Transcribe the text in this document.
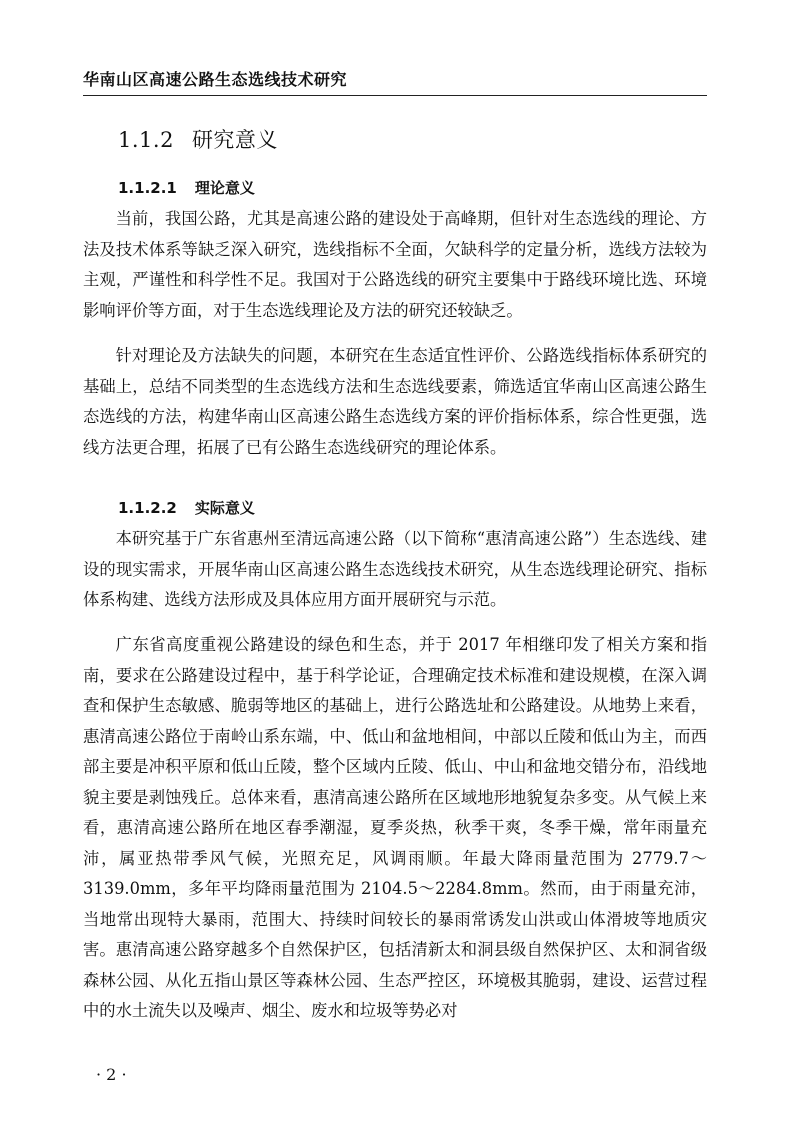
华南山区高速公路生态选线技术研究
1.1.2 研究意义
1.1.2.1 理论意义

当前，我国公路，尤其是高速公路的建设处于高峰期，但针对生态选线的理论、方法及技术体系等缺乏深入研究，选线指标不全面，欠缺科学的定量分析，选线方法较为主观，严谨性和科学性不足。我国对于公路选线的研究主要集中于路线环境比选、环境影响评价等方面，对于生态选线理论及方法的研究还较缺乏。

针对理论及方法缺失的问题，本研究在生态适宜性评价、公路选线指标体系研究的基础上，总结不同类型的生态选线方法和生态选线要素，筛选适宜华南山区高速公路生态选线的方法，构建华南山区高速公路生态选线方案的评价指标体系，综合性更强，选线方法更合理，拓展了已有公路生态选线研究的理论体系。

1.1.2.2 实际意义

本研究基于广东省惠州至清远高速公路（以下简称“惠清高速公路”）生态选线、建设的现实需求，开展华南山区高速公路生态选线技术研究，从生态选线理论研究、指标体系构建、选线方法形成及具体应用方面开展研究与示范。

广东省高度重视公路建设的绿色和生态，并于 2017 年相继印发了相关方案和指南，要求在公路建设过程中，基于科学论证，合理确定技术标准和建设规模，在深入调查和保护生态敏感、脆弱等地区的基础上，进行公路选址和公路建设。从地势上来看，惠清高速公路位于南岭山系东端，中、低山和盆地相间，中部以丘陵和低山为主，而西部主要是冲积平原和低山丘陵，整个区域内丘陵、低山、中山和盆地交错分布，沿线地貌主要是剥蚀残丘。总体来看，惠清高速公路所在区域地形地貌复杂多变。从气候上来看，惠清高速公路所在地区春季潮湿，夏季炎热，秋季干爽，冬季干燥，常年雨量充沛，属亚热带季风气候，光照充足，风调雨顺。年最大降雨量范围为 2779.7～3139.0mm，多年平均降雨量范围为 2104.5～2284.8mm。然而，由于雨量充沛，当地常出现特大暴雨，范围大、持续时间较长的暴雨常诱发山洪或山体滑坡等地质灾害。惠清高速公路穿越多个自然保护区，包括清新太和洞县级自然保护区、太和洞省级森林公园、从化五指山景区等森林公园、生态严控区，环境极其脆弱，建设、运营过程中的水土流失以及噪声、烟尘、废水和垃圾等势必对

· 2 ·
